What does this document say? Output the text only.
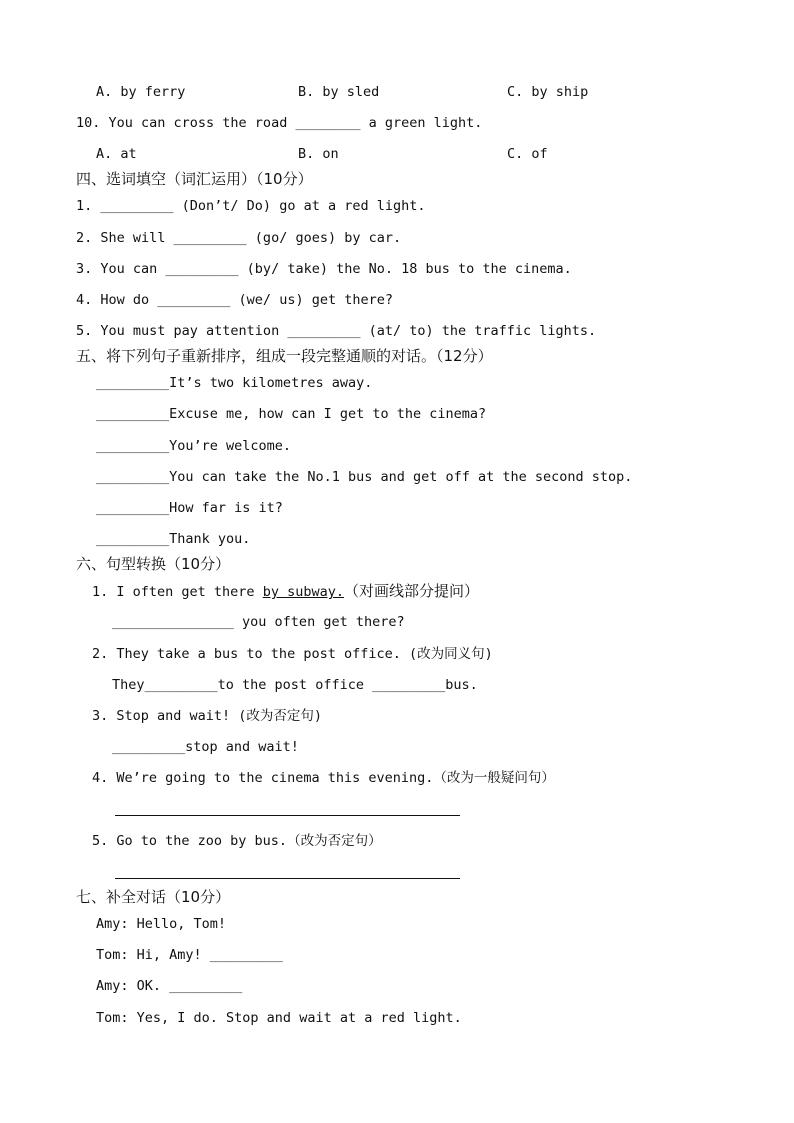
A. by ferry	B. by sled	C. by ship
10. You can cross the road ________ a green light.
A. at	B. on	C. of
四、选词填空（词汇运用）（10分）
1. _________ (Don’t/ Do) go at a red light.
2. She will _________ (go/ goes) by car.
3. You can _________ (by/ take) the No. 18 bus to the cinema.
4. How do _________ (we/ us) get there?
5. You must pay attention _________ (at/ to) the traffic lights.
五、将下列句子重新排序，组成一段完整通顺的对话。（12分）
_________It’s two kilometres away.
_________Excuse me, how can I get to the cinema?
_________You’re welcome.
_________You can take the No.1 bus and get off at the second stop.
_________How far is it?
_________Thank you.
六、句型转换（10分）
1. I often get there by subway.（对画线部分提问）
_______________ you often get there?
2. They take a bus to the post office. (改为同义句)
They_________to the post office _________bus.
3. Stop and wait! (改为否定句)
_________stop and wait!
4. We’re going to the cinema this evening.（改为一般疑问句）
5. Go to the zoo by bus.（改为否定句）
七、补全对话（10分）
Amy: Hello, Tom!
Tom: Hi, Amy! _________
Amy: OK. _________
Tom: Yes, I do. Stop and wait at a red light.
